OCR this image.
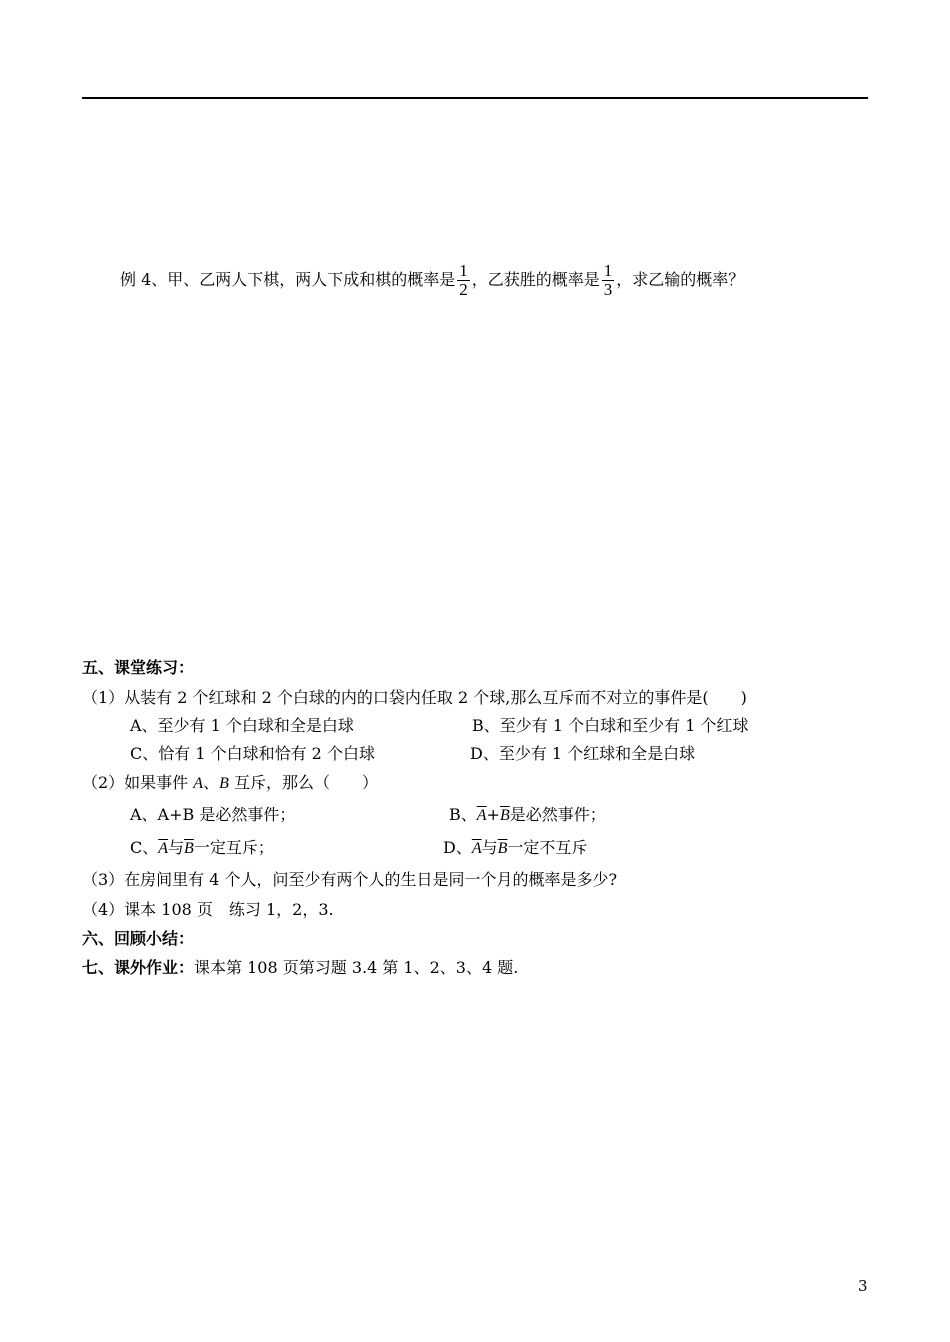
例 4、甲、乙两人下棋，两人下成和棋的概率是 $\frac{1}{2}$ ，乙获胜的概率是 $\frac{1}{3}$ ，求乙输的概率？
五、课堂练习：
（1）从装有 2 个红球和 2 个白球的内的口袋内任取 2 个球,那么互斥而不对立的事件是(　　)
A、至少有 1 个白球和全是白球	B、至少有 1 个白球和至少有 1 个红球
C、恰有 1 个白球和恰有 2 个白球	D、至少有 1 个红球和全是白球
（2）如果事件 A、B 互斥，那么（　　）
A、A+B 是必然事件；	B、$\overline{A}+\overline{B}$是必然事件；
C、$\overline{A}$与$\overline{B}$一定互斥；	D、$\overline{A}$与$\overline{B}$一定不互斥
（3）在房间里有 4 个人，问至少有两个人的生日是同一个月的概率是多少?
（4）课本 108 页　练习 1，2，3.
六、回顾小结：
七、课外作业：课本第 108 页第习题 3.4 第 1、2、3、4 题.
3
